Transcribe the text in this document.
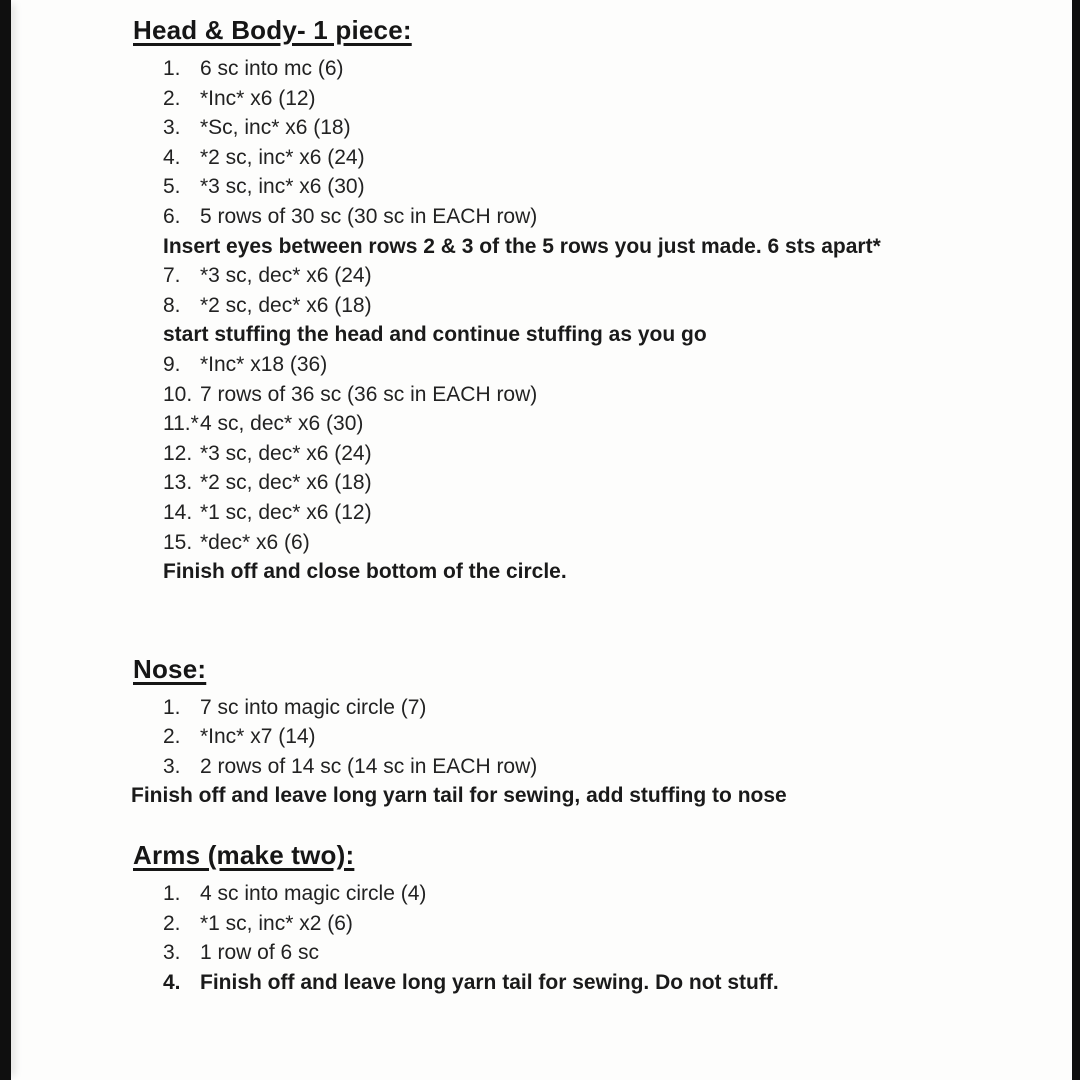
Head & Body- 1 piece:
1. 6 sc into mc (6)
2. *Inc* x6 (12)
3. *Sc, inc* x6 (18)
4. *2 sc, inc* x6 (24)
5. *3 sc, inc* x6 (30)
6. 5 rows of 30 sc (30 sc in EACH row)
Insert eyes between rows 2 & 3 of the 5 rows you just made. 6 sts apart*
7. *3 sc, dec* x6 (24)
8. *2 sc, dec* x6 (18)
start stuffing the head and continue stuffing as you go
9. *Inc* x18 (36)
10. 7 rows of 36 sc (36 sc in EACH row)
11.*4 sc, dec* x6 (30)
12. *3 sc, dec* x6 (24)
13. *2 sc, dec* x6 (18)
14. *1 sc, dec* x6 (12)
15. *dec* x6 (6)
Finish off and close bottom of the circle.
Nose:
1. 7 sc into magic circle (7)
2. *Inc* x7 (14)
3. 2 rows of 14 sc (14 sc in EACH row)
Finish off and leave long yarn tail for sewing, add stuffing to nose
Arms (make two):
1. 4 sc into magic circle (4)
2. *1 sc, inc* x2 (6)
3. 1 row of 6 sc
4. Finish off and leave long yarn tail for sewing. Do not stuff.
